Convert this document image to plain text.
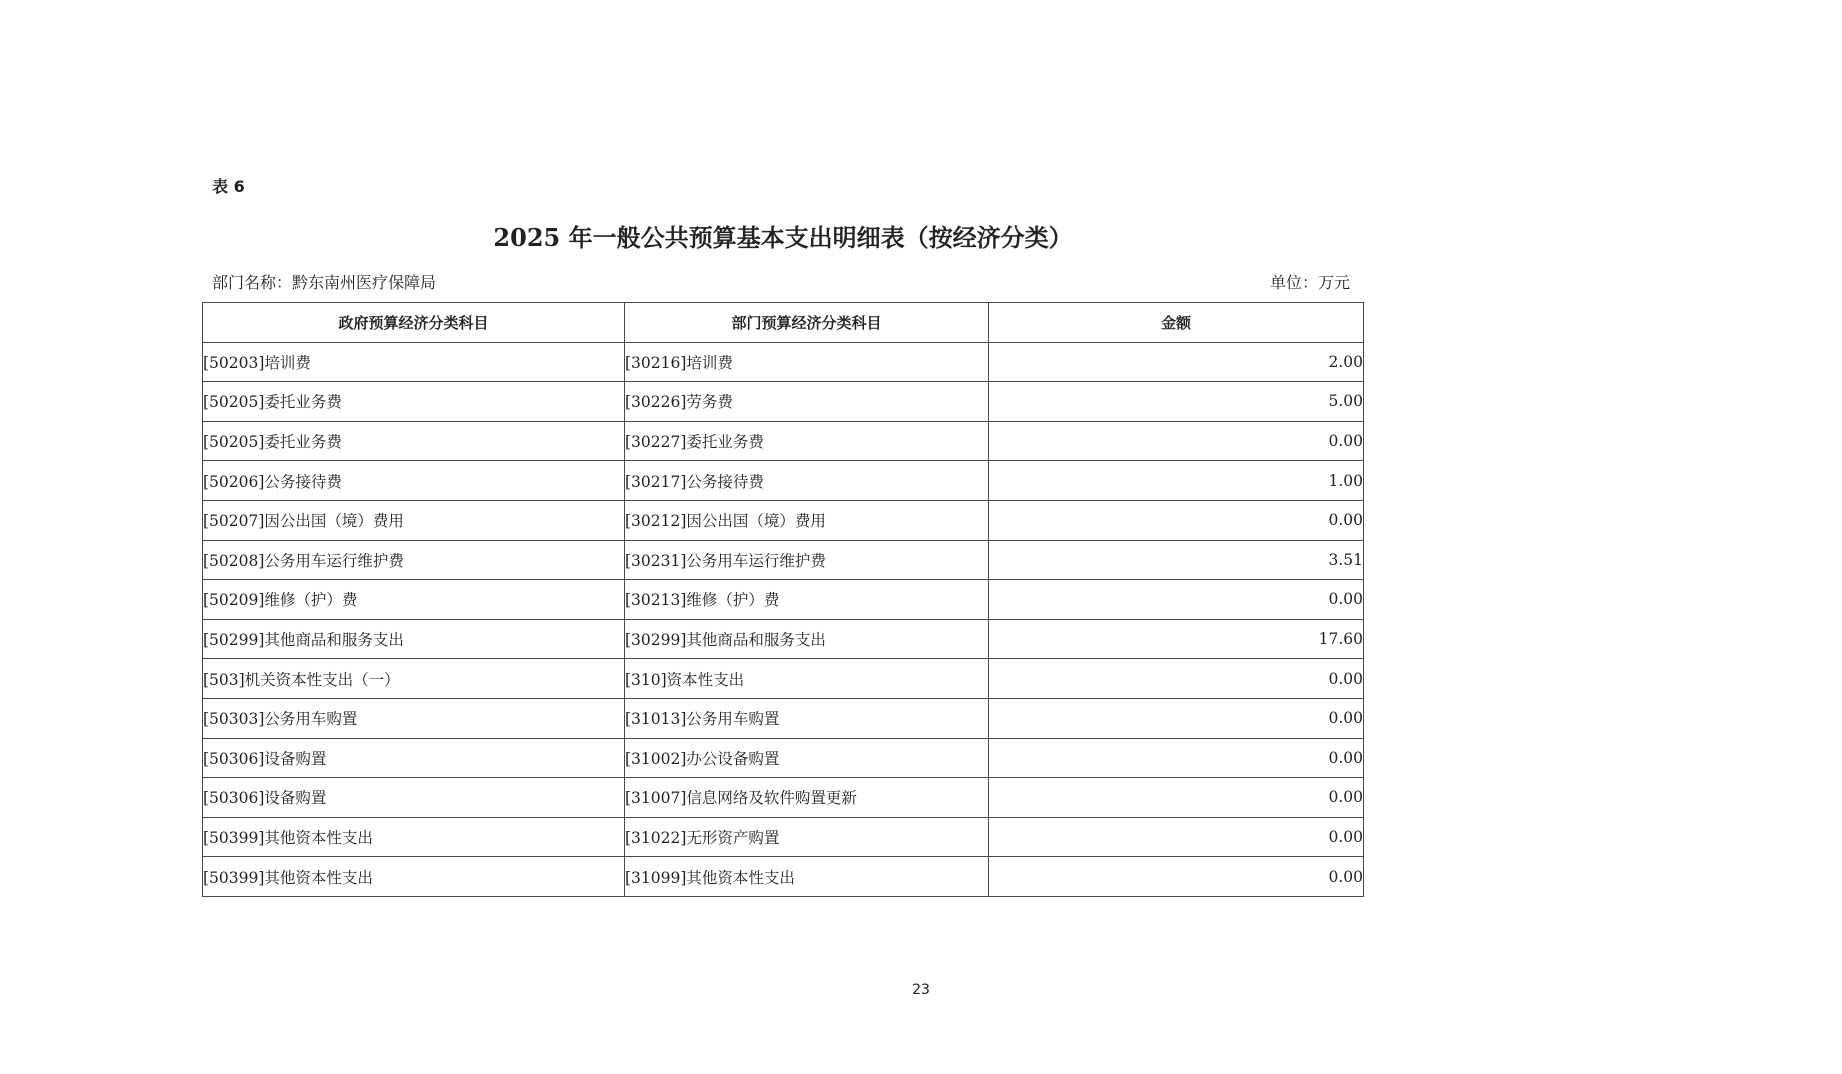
表 6
2025 年一般公共预算基本支出明细表（按经济分类）
部门名称：黔东南州医疗保障局	单位：万元
政府预算经济分类科目	部门预算经济分类科目	金额
[50203]培训费	[30216]培训费	2.00
[50205]委托业务费	[30226]劳务费	5.00
[50205]委托业务费	[30227]委托业务费	0.00
[50206]公务接待费	[30217]公务接待费	1.00
[50207]因公出国（境）费用	[30212]因公出国（境）费用	0.00
[50208]公务用车运行维护费	[30231]公务用车运行维护费	3.51
[50209]维修（护）费	[30213]维修（护）费	0.00
[50299]其他商品和服务支出	[30299]其他商品和服务支出	17.60
[503]机关资本性支出（一）	[310]资本性支出	0.00
[50303]公务用车购置	[31013]公务用车购置	0.00
[50306]设备购置	[31002]办公设备购置	0.00
[50306]设备购置	[31007]信息网络及软件购置更新	0.00
[50399]其他资本性支出	[31022]无形资产购置	0.00
[50399]其他资本性支出	[31099]其他资本性支出	0.00
23
